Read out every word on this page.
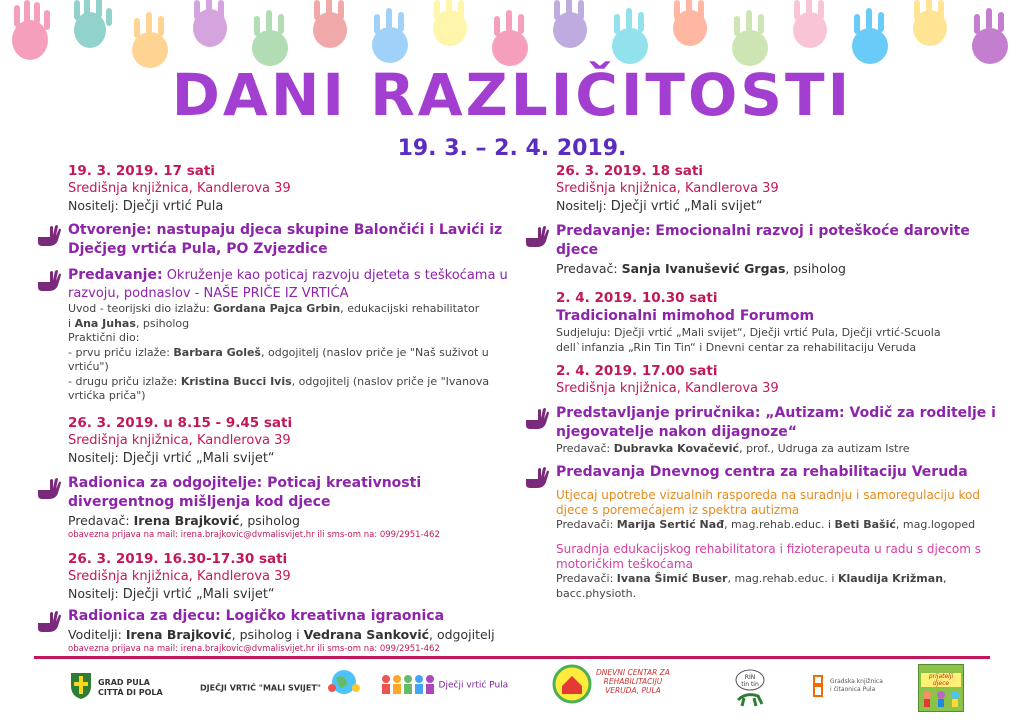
DANI RAZLIČITOSTI
19. 3. – 2. 4. 2019.
19. 3. 2019. 17 sati
Središnja knjižnica, Kandlerova 39
Nositelj: Dječji vrtić Pula
Otvorenje: nastupaju djeca skupine Balončići i Lavići iz Dječjeg vrtića Pula, PO Zvjezdice
Predavanje: Okruženje kao poticaj razvoju djeteta s teškoćama u razvoju, podnaslov - NAŠE PRIČE IZ VRTIĆA
Uvod - teorijski dio izlažu: Gordana Pajca Grbin, edukacijski rehabilitator
i Ana Juhas, psiholog
Praktični dio:
- prvu priču izlaže: Barbara Goleš, odgojitelj (naslov priče je "Naš suživot u vrtiću")
- drugu priču izlaže: Kristina Bucci Ivis, odgojitelj (naslov priče je "Ivanova vrtićka priča")
26. 3. 2019. u 8.15 - 9.45 sati
Središnja knjižnica, Kandlerova 39
Nositelj: Dječji vrtić „Mali svijet“
Radionica za odgojitelje: Poticaj kreativnosti divergentnog mišljenja kod djece
Predavač: Irena Brajković, psiholog
obavezna prijava na mail: irena.brajkovic@dvmalisvijet.hr ili sms-om na: 099/2951-462
26. 3. 2019. 16.30-17.30 sati
Središnja knjižnica, Kandlerova 39
Nositelj: Dječji vrtić „Mali svijet“
Radionica za djecu: Logičko kreativna igraonica
Voditelji: Irena Brajković, psiholog i Vedrana Sanković, odgojitelj
obavezna prijava na mail: irena.brajkovic@dvmalisvijet.hr ili sms-om na: 099/2951-462
26. 3. 2019. 18 sati
Središnja knjižnica, Kandlerova 39
Nositelj: Dječji vrtić „Mali svijet“
Predavanje: Emocionalni razvoj i poteškoće darovite djece
Predavač: Sanja Ivanušević Grgas, psiholog
2. 4. 2019. 10.30 sati
Tradicionalni mimohod Forumom
Sudjeluju: Dječji vrtić „Mali svijet“, Dječji vrtić Pula, Dječji vrtić-Scuola dell`infanzia „Rin Tin Tin“ i Dnevni centar za rehabilitaciju Veruda
2. 4. 2019. 17.00 sati
Središnja knjižnica, Kandlerova 39
Predstavljanje priručnika: „Autizam: Vodič za roditelje i njegovatelje nakon dijagnoze“
Predavač: Dubravka Kovačević, prof., Udruga za autizam Istre
Predavanja Dnevnog centra za rehabilitaciju Veruda
Utjecaj upotrebe vizualnih rasporeda na suradnju i samoregulaciju kod djece s poremećajem iz spektra autizma
Predavači: Marija Sertić Nađ, mag.rehab.educ. i Beti Bašić, mag.logoped
Suradnja edukacijskog rehabilitatora i fizioterapeuta u radu s djecom s motoričkim teškoćama
Predavači: Ivana Šimić Buser, mag.rehab.educ. i Klaudija Križman, bacc.physioth.
GRAD PULA
CITTÀ DI POLA	DJEČJI VRTIĆ "MALI SVIJET"	Dječji vrtić Pula
DNEVNI CENTAR ZA
REHABILITACIJU
VERUDA, PULA
RIN
tin tin	Gradska knjižnica
i čitaonica Pula
prijatelji djece
